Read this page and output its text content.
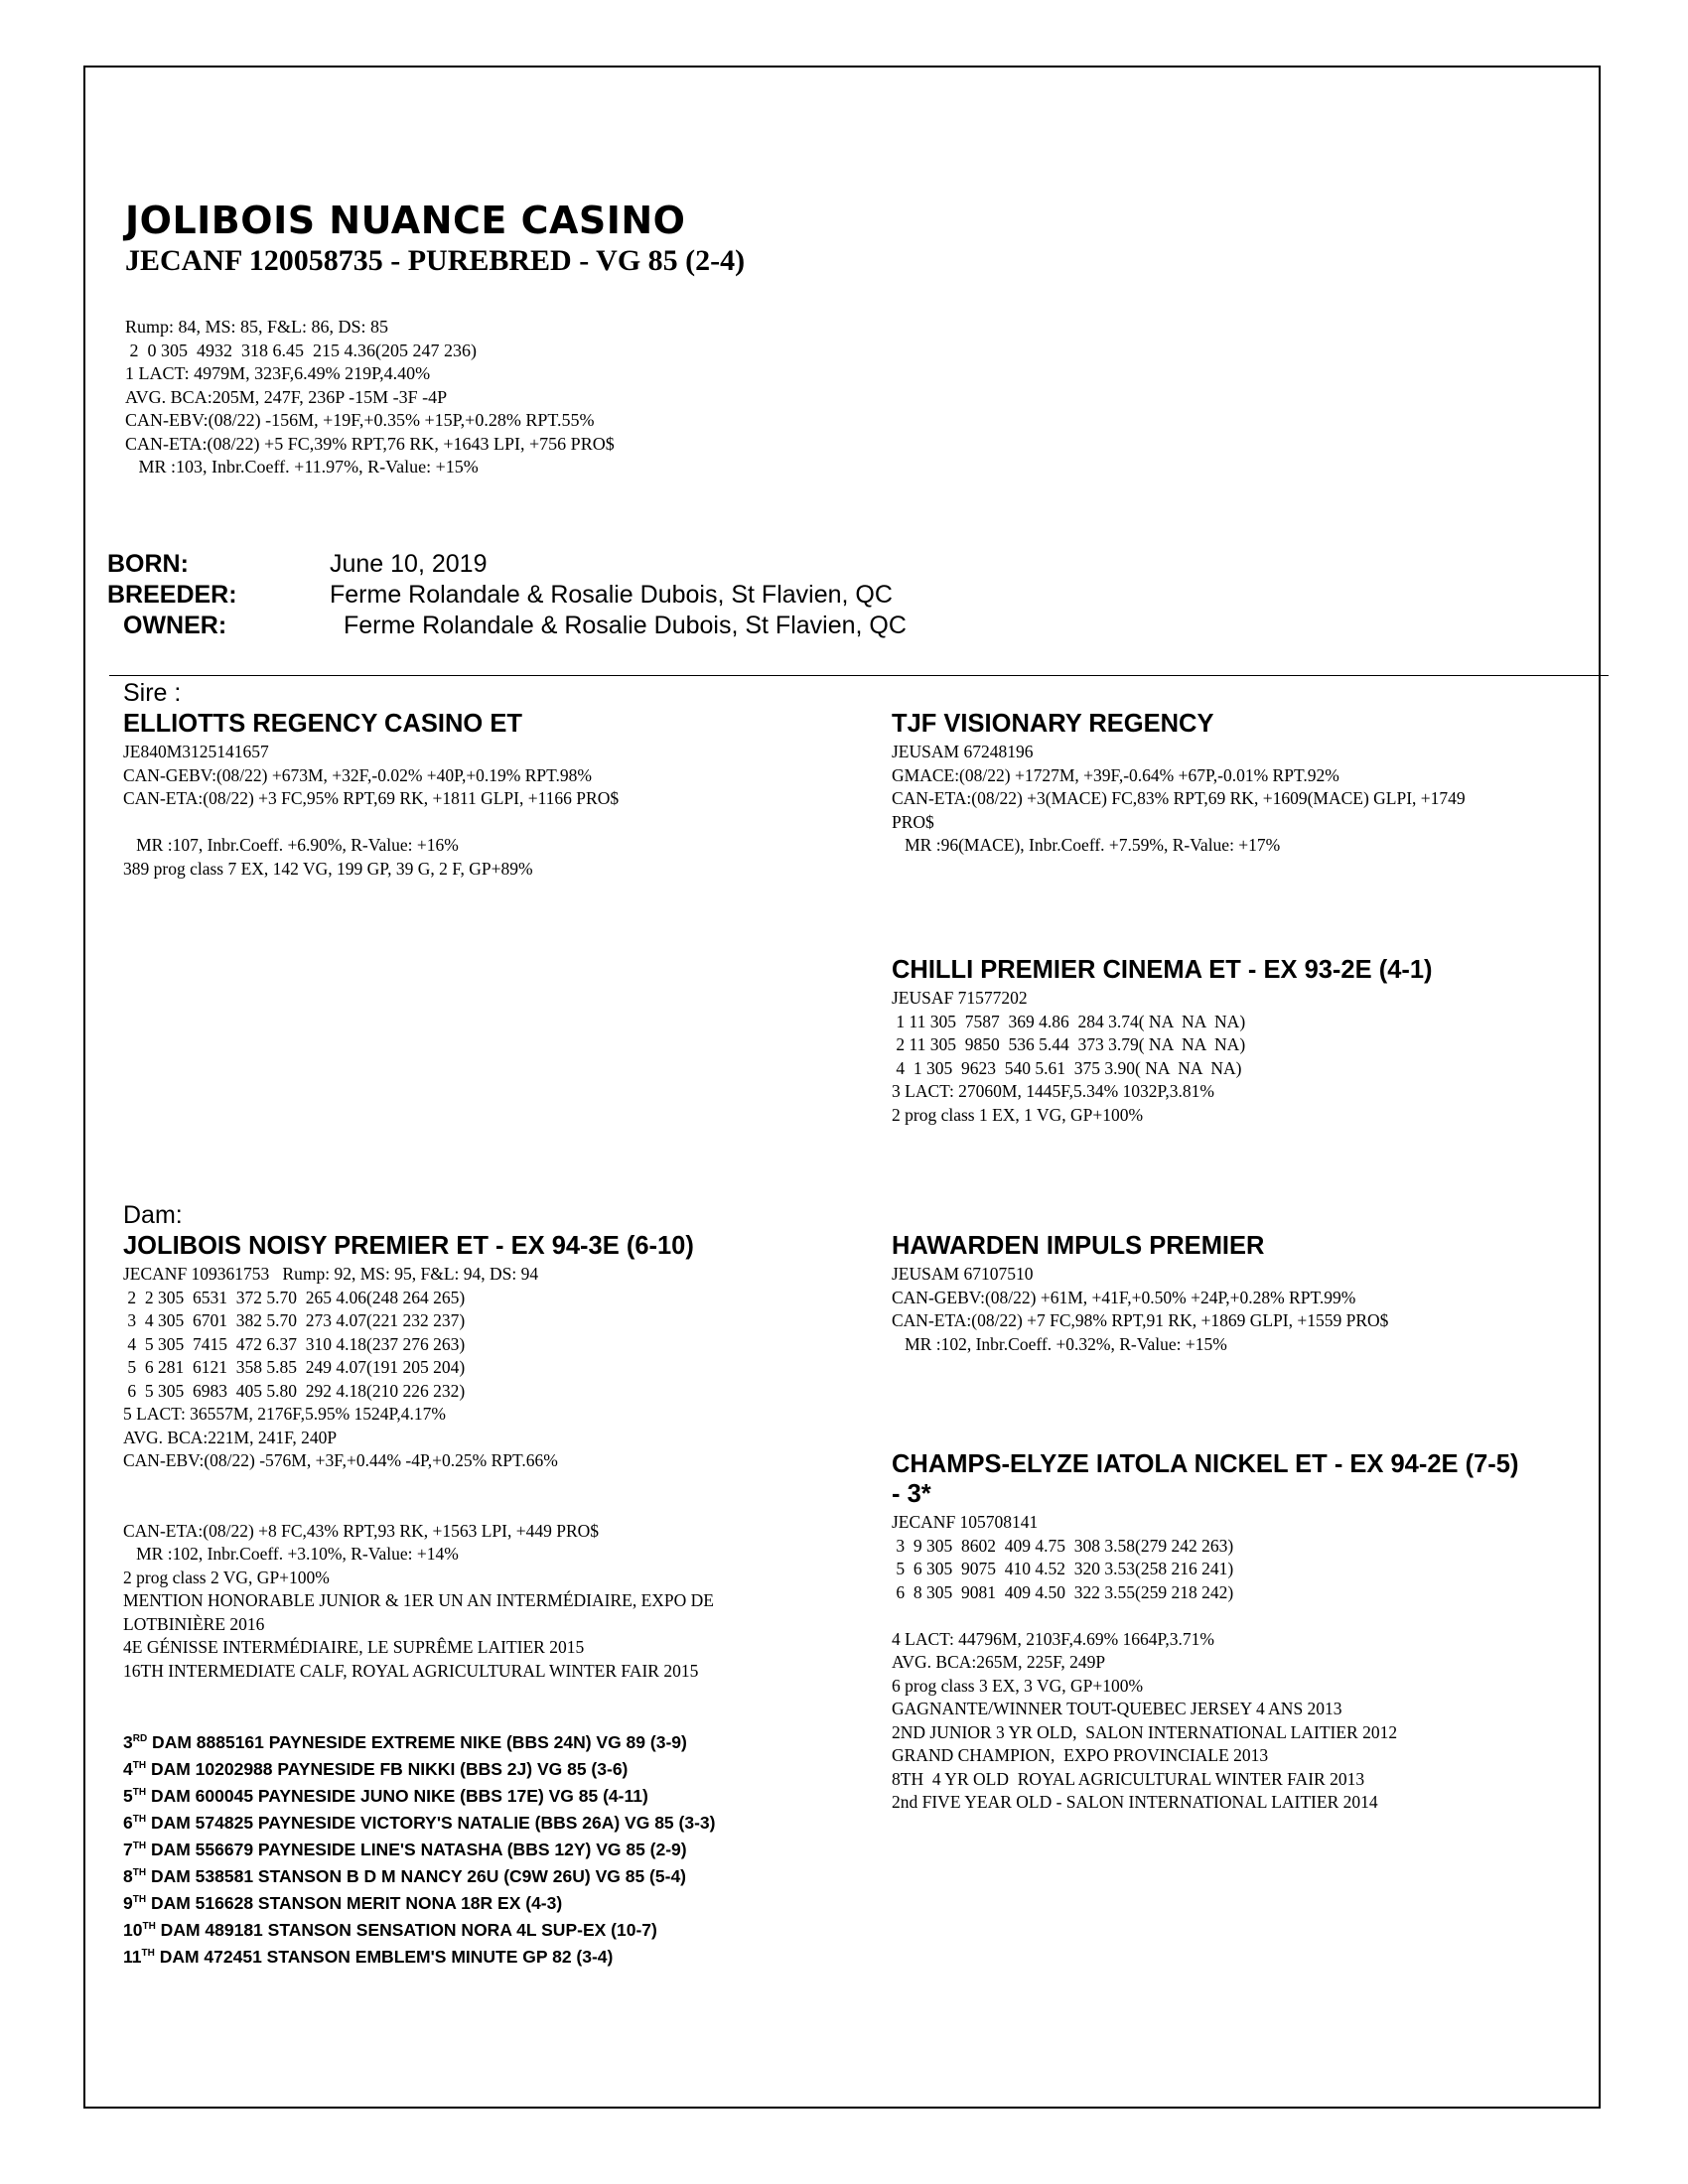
JOLIBOIS NUANCE CASINO
JECANF 120058735 - PUREBRED - VG 85 (2-4)
Rump: 84, MS: 85, F&L: 86, DS: 85
2  0 305  4932  318 6.45  215 4.36(205 247 236)
1 LACT: 4979M, 323F,6.49% 219P,4.40%
AVG. BCA:205M, 247F, 236P -15M -3F -4P
CAN-EBV:(08/22) -156M, +19F,+0.35% +15P,+0.28% RPT.55%
CAN-ETA:(08/22) +5 FC,39% RPT,76 RK, +1643 LPI, +756 PRO$
MR :103, Inbr.Coeff. +11.97%, R-Value: +15%
BORN:	June 10, 2019
BREEDER:	Ferme Rolandale & Rosalie Dubois, St Flavien, QC
OWNER:	Ferme Rolandale & Rosalie Dubois, St Flavien, QC
Sire :
ELLIOTTS REGENCY CASINO ET
JE840M3125141657
CAN-GEBV:(08/22) +673M, +32F,-0.02% +40P,+0.19% RPT.98%
CAN-ETA:(08/22) +3 FC,95% RPT,69 RK, +1811 GLPI, +1166 PRO$

MR :107, Inbr.Coeff. +6.90%, R-Value: +16%
389 prog class 7 EX, 142 VG, 199 GP, 39 G, 2 F, GP+89%
TJF VISIONARY REGENCY
JEUSAM 67248196
GMACE:(08/22) +1727M, +39F,-0.64% +67P,-0.01% RPT.92%
CAN-ETA:(08/22) +3(MACE) FC,83% RPT,69 RK, +1609(MACE) GLPI, +1749
PRO$
MR :96(MACE), Inbr.Coeff. +7.59%, R-Value: +17%
CHILLI PREMIER CINEMA ET - EX 93-2E (4-1)
JEUSAF 71577202
1 11 305  7587  369 4.86  284 3.74( NA  NA  NA)
2 11 305  9850  536 5.44  373 3.79( NA  NA  NA)
4  1 305  9623  540 5.61  375 3.90( NA  NA  NA)
3 LACT: 27060M, 1445F,5.34% 1032P,3.81%
2 prog class 1 EX, 1 VG, GP+100%
Dam:
JOLIBOIS NOISY PREMIER ET - EX 94-3E (6-10)
JECANF 109361753   Rump: 92, MS: 95, F&L: 94, DS: 94
2  2 305  6531  372 5.70  265 4.06(248 264 265)
3  4 305  6701  382 5.70  273 4.07(221 232 237)
4  5 305  7415  472 6.37  310 4.18(237 276 263)
5  6 281  6121  358 5.85  249 4.07(191 205 204)
6  5 305  6983  405 5.80  292 4.18(210 226 232)
5 LACT: 36557M, 2176F,5.95% 1524P,4.17%
AVG. BCA:221M, 241F, 240P
CAN-EBV:(08/22) -576M, +3F,+0.44% -4P,+0.25% RPT.66%

CAN-ETA:(08/22) +8 FC,43% RPT,93 RK, +1563 LPI, +449 PRO$
MR :102, Inbr.Coeff. +3.10%, R-Value: +14%
2 prog class 2 VG, GP+100%
MENTION HONORABLE JUNIOR & 1ER UN AN INTERMÉDIAIRE, EXPO DE
LOTBINIÈRE 2016
4E GÉNISSE INTERMÉDIAIRE, LE SUPRÊME LAITIER 2015
16TH INTERMEDIATE CALF, ROYAL AGRICULTURAL WINTER FAIR 2015
HAWARDEN IMPULS PREMIER
JEUSAM 67107510
CAN-GEBV:(08/22) +61M, +41F,+0.50% +24P,+0.28% RPT.99%
CAN-ETA:(08/22) +7 FC,98% RPT,91 RK, +1869 GLPI, +1559 PRO$
MR :102, Inbr.Coeff. +0.32%, R-Value: +15%
CHAMPS-ELYZE IATOLA NICKEL ET - EX 94-2E (7-5)
- 3*
JECANF 105708141
3  9 305  8602  409 4.75  308 3.58(279 242 263)
5  6 305  9075  410 4.52  320 3.53(258 216 241)
6  8 305  9081  409 4.50  322 3.55(259 218 242)

4 LACT: 44796M, 2103F,4.69% 1664P,3.71%
AVG. BCA:265M, 225F, 249P
6 prog class 3 EX, 3 VG, GP+100%
GAGNANTE/WINNER TOUT-QUEBEC JERSEY 4 ANS 2013
2ND JUNIOR 3 YR OLD,  SALON INTERNATIONAL LAITIER 2012
GRAND CHAMPION,  EXPO PROVINCIALE 2013
8TH  4 YR OLD  ROYAL AGRICULTURAL WINTER FAIR 2013
2nd FIVE YEAR OLD - SALON INTERNATIONAL LAITIER 2014
3RD DAM 8885161 PAYNESIDE EXTREME NIKE (BBS 24N) VG 89 (3-9)
4TH DAM 10202988 PAYNESIDE FB NIKKI (BBS 2J) VG 85 (3-6)
5TH DAM 600045 PAYNESIDE JUNO NIKE (BBS 17E) VG 85 (4-11)
6TH DAM 574825 PAYNESIDE VICTORY'S NATALIE (BBS 26A) VG 85 (3-3)
7TH DAM 556679 PAYNESIDE LINE'S NATASHA (BBS 12Y) VG 85 (2-9)
8TH DAM 538581 STANSON B D M NANCY 26U (C9W 26U) VG 85 (5-4)
9TH DAM 516628 STANSON MERIT NONA 18R EX (4-3)
10TH DAM 489181 STANSON SENSATION NORA 4L SUP-EX (10-7)
11TH DAM 472451 STANSON EMBLEM'S MINUTE GP 82 (3-4)
